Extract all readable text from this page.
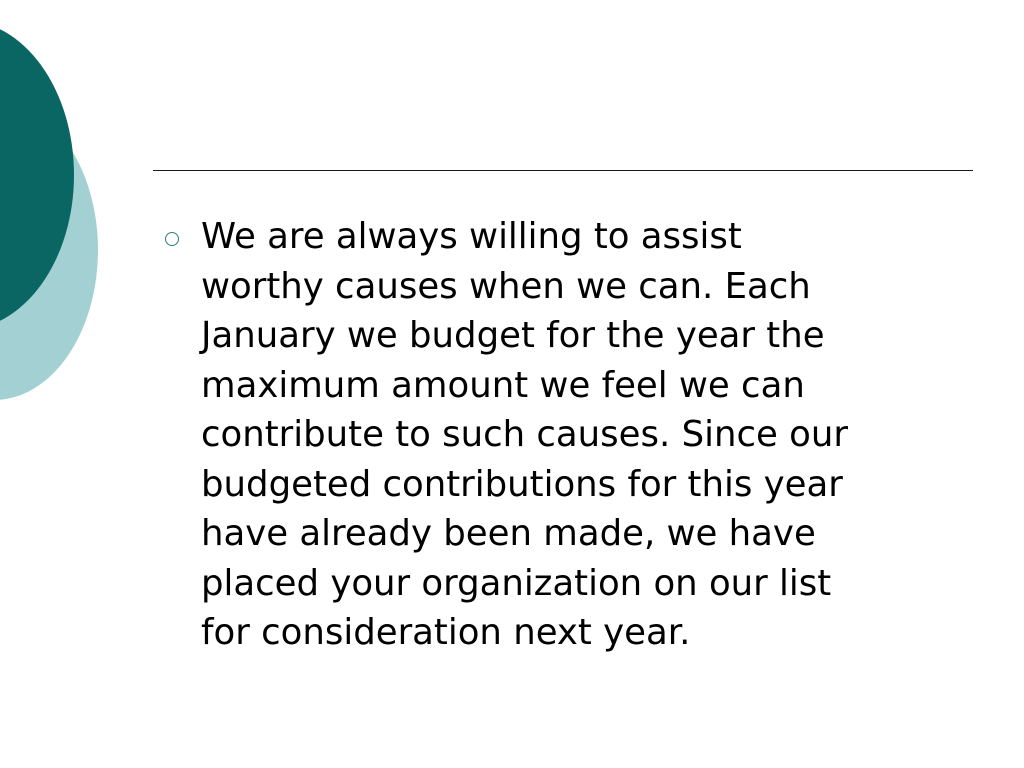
We are always willing to assist
worthy causes when we can. Each
January we budget for the year the
maximum amount we feel we can
contribute to such causes. Since our
budgeted contributions for this year
have already been made, we have
placed your organization on our list
for consideration next year.
